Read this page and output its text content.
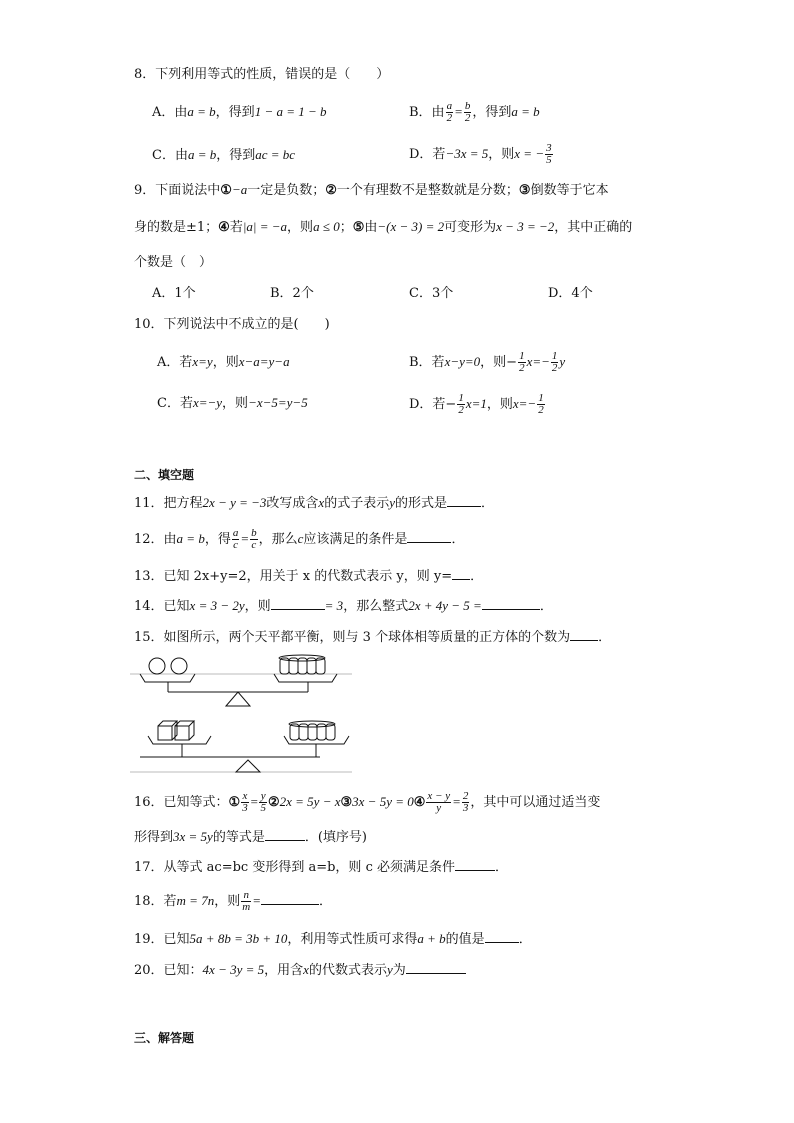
8．下列利用等式的性质，错误的是（　　）
A．由a = b，得到1 − a = 1 − b	B．由 $\frac{a}{2} = \frac{b}{2}$ ，得到a = b
C．由a = b，得到ac = bc	D．若−3x = 5，则x = − $\frac{3}{5}$
9．下面说法中①−a一定是负数；②一个有理数不是整数就是分数；③倒数等于它本
身的数是±1；④若|a| = −a，则a ≤ 0；⑤由−(x − 3) = 2可变形为x − 3 = −2，其中正确的
个数是（　）
A．1个	B．2个	C．3个	D．4个
10．下列说法中不成立的是(　　)
A．若x=y，则x−a=y−a	B．若x−y=0，则− $\frac{1}{2} x=- \frac{1}{2}$ y
C．若x=−y，则−x−5=y−5	D．若− $\frac{1}{2} x=1$，则$x=- \frac{1}{2}$
二、填空题
11．把方程2x − y = −3改写成含x的式子表示y的形式是	．
12．由a = b，得 $\frac{a}{c} = \frac{b}{c}$ ，那么c应该满足的条件是	．
13．已知 2x+y=2，用关于 x 的代数式表示 y，则 y= ．
14．已知x = 3 − 2y，则	= 3，那么整式2x + 4y − 5 =	．
15．如图所示，两个天平都平衡，则与 3 个球体相等质量的正方体的个数为 ．
16．已知等式：① $\frac{x}{3} = \frac{y}{5}$ ②2x = 5y − x③3x − 5y = 0④ $\frac{x - y}{y} = \frac{2}{3}$ ，其中可以通过适当变
形得到3x = 5y的等式是	．(填序号)
17．从等式 ac=bc 变形得到 a=b，则 c 必须满足条件	．
18．若m = 7n，则 $\frac{n}{m}$ =	．
19．已知5a + 8b = 3b + 10，利用等式性质可求得a + b的值是	．
20．已知：4x − 3y = 5，用含x的代数式表示y为
三、解答题
